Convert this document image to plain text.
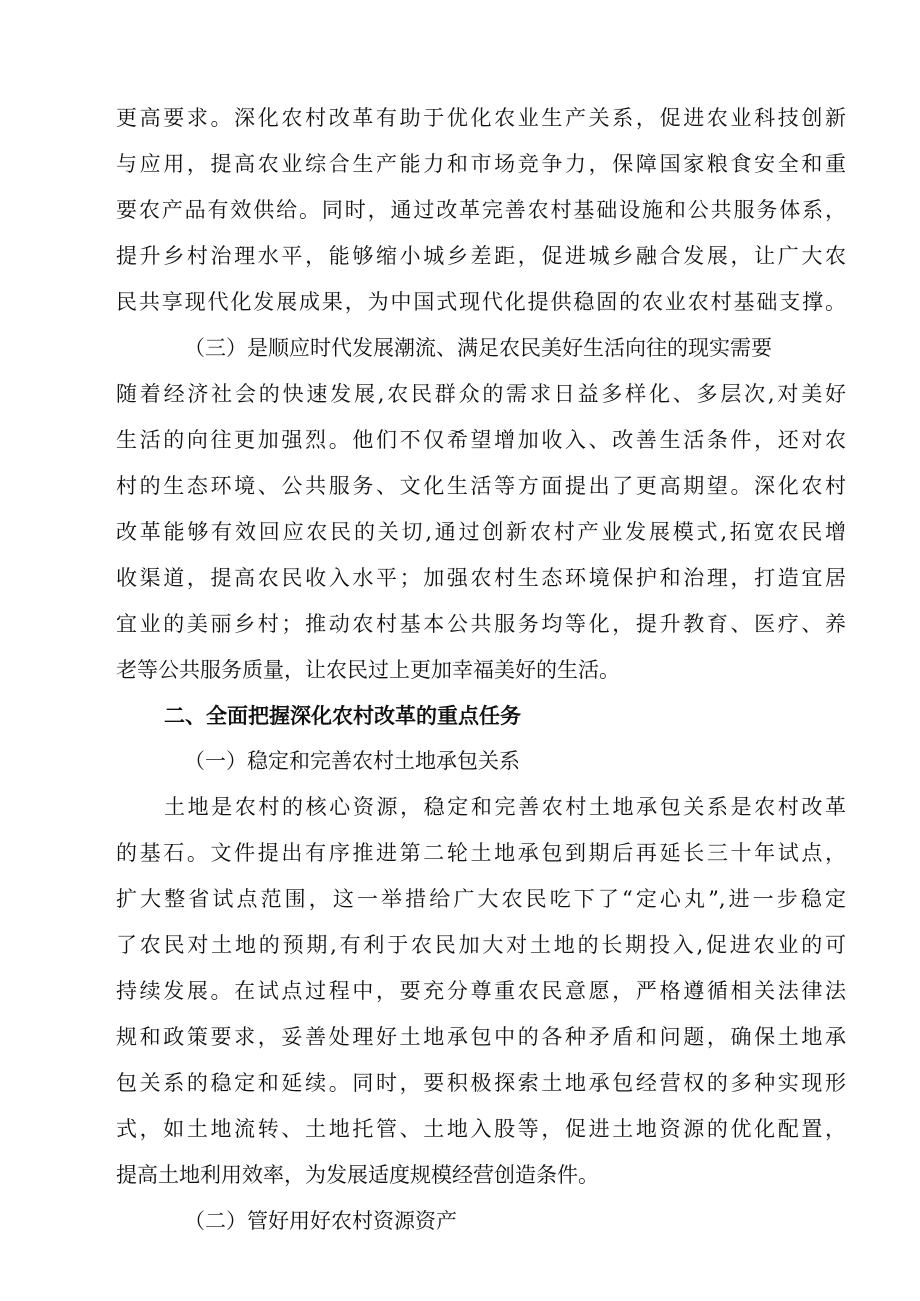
更高要求。深化农村改革有助于优化农业生产关系，促进农业科技创新
与应用，提高农业综合生产能力和市场竞争力，保障国家粮食安全和重
要农产品有效供给。同时，通过改革完善农村基础设施和公共服务体系，
提升乡村治理水平，能够缩小城乡差距，促进城乡融合发展，让广大农
民共享现代化发展成果，为中国式现代化提供稳固的农业农村基础支撑。
（三）是顺应时代发展潮流、满足农民美好生活向往的现实需要
随着经济社会的快速发展,农民群众的需求日益多样化、多层次,对美好
生活的向往更加强烈。他们不仅希望增加收入、改善生活条件，还对农
村的生态环境、公共服务、文化生活等方面提出了更高期望。深化农村
改革能够有效回应农民的关切,通过创新农村产业发展模式,拓宽农民增
收渠道，提高农民收入水平；加强农村生态环境保护和治理，打造宜居
宜业的美丽乡村；推动农村基本公共服务均等化，提升教育、医疗、养
老等公共服务质量，让农民过上更加幸福美好的生活。
二、全面把握深化农村改革的重点任务
（一）稳定和完善农村土地承包关系
土地是农村的核心资源，稳定和完善农村土地承包关系是农村改革
的基石。文件提出有序推进第二轮土地承包到期后再延长三十年试点，
扩大整省试点范围，这一举措给广大农民吃下了“定心丸”,进一步稳定
了农民对土地的预期,有利于农民加大对土地的长期投入,促进农业的可
持续发展。在试点过程中，要充分尊重农民意愿，严格遵循相关法律法
规和政策要求，妥善处理好土地承包中的各种矛盾和问题，确保土地承
包关系的稳定和延续。同时，要积极探索土地承包经营权的多种实现形
式，如土地流转、土地托管、土地入股等，促进土地资源的优化配置，
提高土地利用效率，为发展适度规模经营创造条件。
（二）管好用好农村资源资产
